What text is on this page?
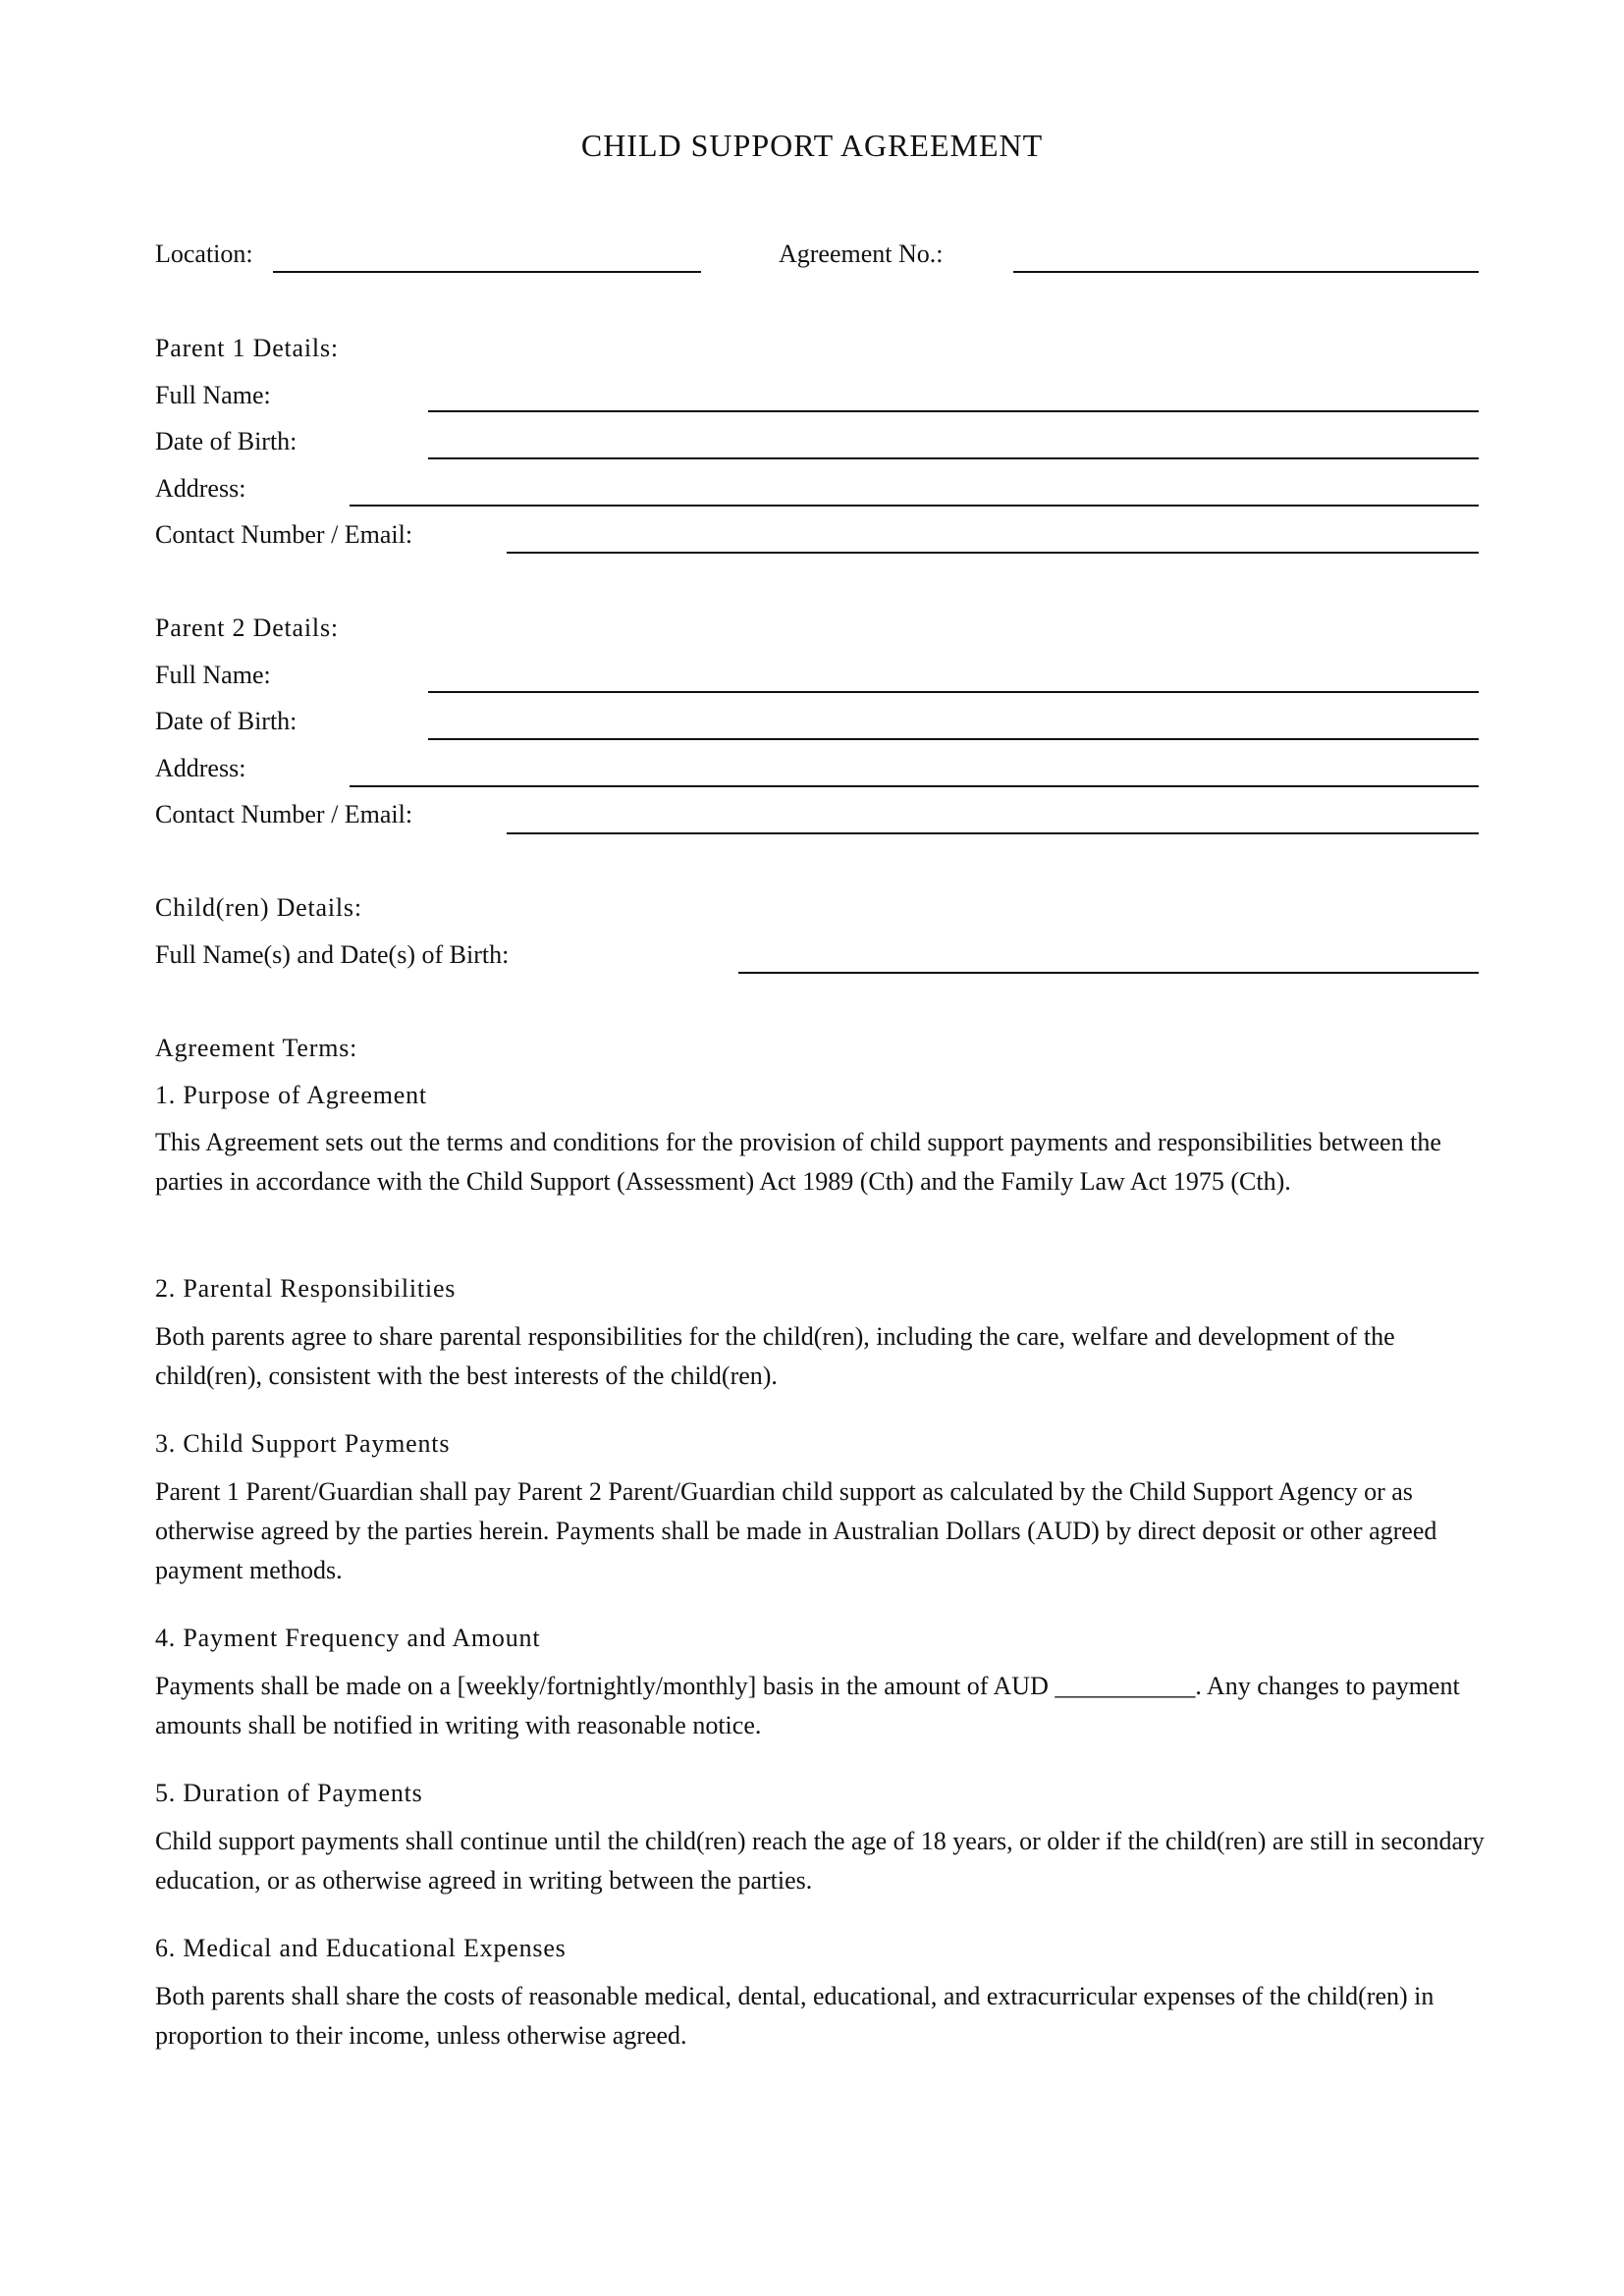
CHILD SUPPORT AGREEMENT
Location:	Agreement No.:
Parent 1 Details:
Full Name:
Date of Birth:
Address:
Contact Number / Email:
Parent 2 Details:
Full Name:
Date of Birth:
Address:
Contact Number / Email:
Child(ren) Details:
Full Name(s) and Date(s) of Birth:
Agreement Terms:
1. Purpose of Agreement
This Agreement sets out the terms and conditions for the provision of child support payments and responsibilities between the parties in accordance with the Child Support (Assessment) Act 1989 (Cth) and the Family Law Act 1975 (Cth).
2. Parental Responsibilities
Both parents agree to share parental responsibilities for the child(ren), including the care, welfare and development of the child(ren), consistent with the best interests of the child(ren).
3. Child Support Payments
Parent 1 Parent/Guardian shall pay Parent 2 Parent/Guardian child support as calculated by the Child Support Agency or as otherwise agreed by the parties herein. Payments shall be made in Australian Dollars (AUD) by direct deposit or other agreed payment methods.
4. Payment Frequency and Amount
Payments shall be made on a [weekly/fortnightly/monthly] basis in the amount of AUD ___________. Any changes to payment amounts shall be notified in writing with reasonable notice.
5. Duration of Payments
Child support payments shall continue until the child(ren) reach the age of 18 years, or older if the child(ren) are still in secondary education, or as otherwise agreed in writing between the parties.
6. Medical and Educational Expenses
Both parents shall share the costs of reasonable medical, dental, educational, and extracurricular expenses of the child(ren) in proportion to their income, unless otherwise agreed.
